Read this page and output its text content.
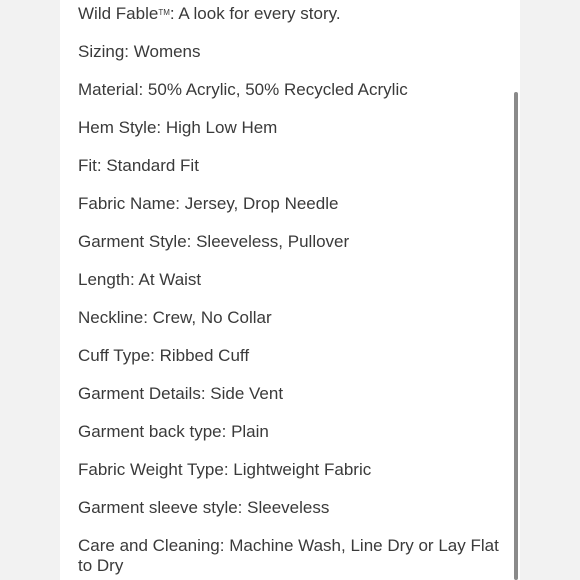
Wild Fable™: A look for every story.

Sizing: Womens

Material: 50% Acrylic, 50% Recycled Acrylic

Hem Style: High Low Hem

Fit: Standard Fit

Fabric Name: Jersey, Drop Needle

Garment Style: Sleeveless, Pullover

Length: At Waist

Neckline: Crew, No Collar

Cuff Type: Ribbed Cuff

Garment Details: Side Vent

Garment back type: Plain

Fabric Weight Type: Lightweight Fabric

Garment sleeve style: Sleeveless

Care and Cleaning: Machine Wash, Line Dry or Lay Flat to Dry
